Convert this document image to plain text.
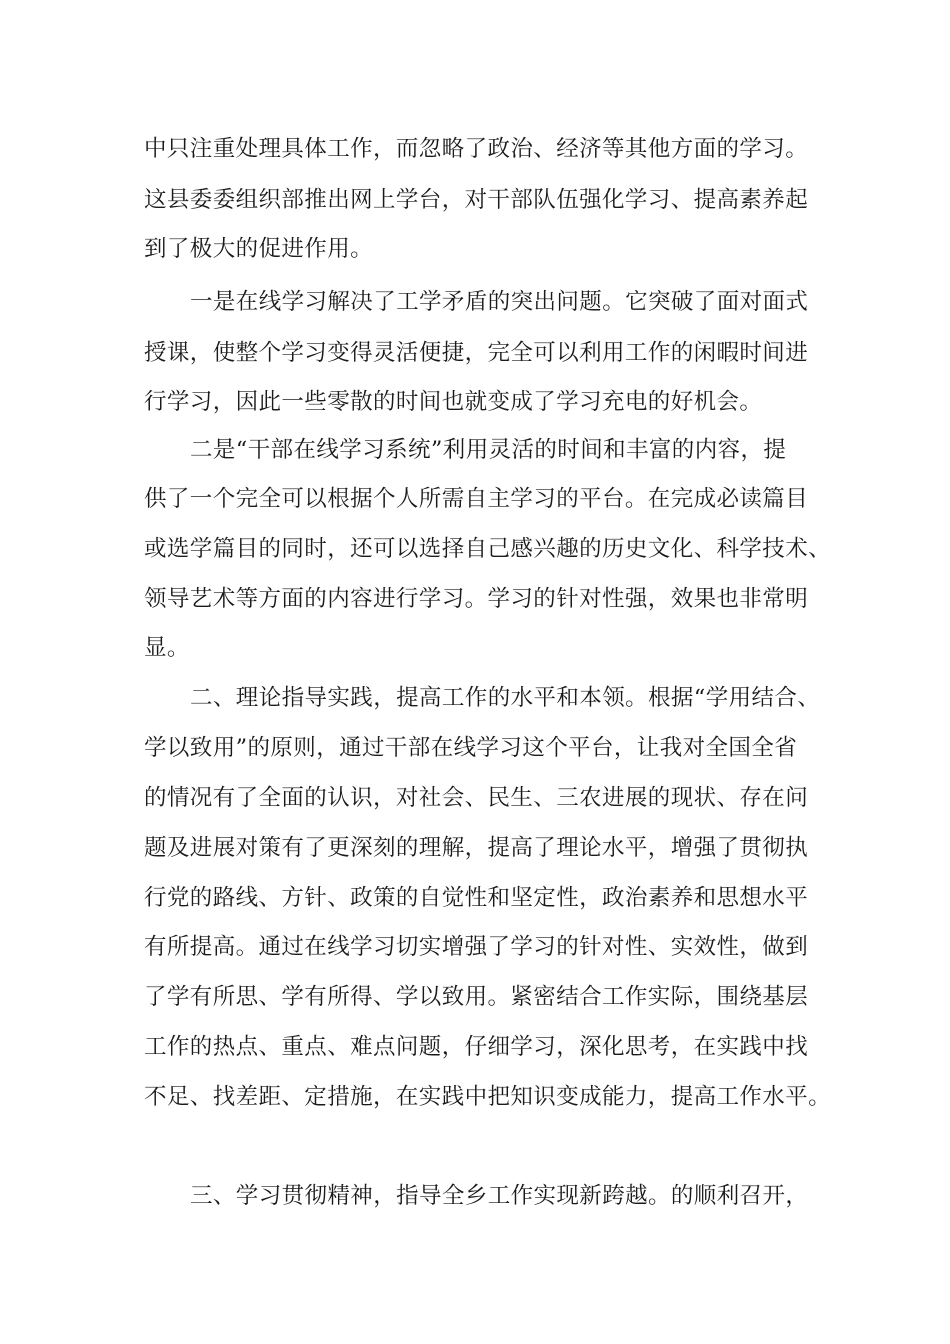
中只注重处理具体工作，而忽略了政治、经济等其他方面的学习。
这县委委组织部推出网上学台，对干部队伍强化学习、提高素养起
到了极大的促进作用。
一是在线学习解决了工学矛盾的突出问题。它突破了面对面式
授课，使整个学习变得灵活便捷，完全可以利用工作的闲暇时间进
行学习，因此一些零散的时间也就变成了学习充电的好机会。
二是“干部在线学习系统”利用灵活的时间和丰富的内容，提
供了一个完全可以根据个人所需自主学习的平台。在完成必读篇目
或选学篇目的同时，还可以选择自己感兴趣的历史文化、科学技术、
领导艺术等方面的内容进行学习。学习的针对性强，效果也非常明
显。
二、理论指导实践，提高工作的水平和本领。根据“学用结合、
学以致用”的原则，通过干部在线学习这个平台，让我对全国全省
的情况有了全面的认识，对社会、民生、三农进展的现状、存在问
题及进展对策有了更深刻的理解，提高了理论水平，增强了贯彻执
行党的路线、方针、政策的自觉性和坚定性，政治素养和思想水平
有所提高。通过在线学习切实增强了学习的针对性、实效性，做到
了学有所思、学有所得、学以致用。紧密结合工作实际，围绕基层
工作的热点、重点、难点问题，仔细学习，深化思考，在实践中找
不足、找差距、定措施，在实践中把知识变成能力，提高工作水平。
三、学习贯彻精神，指导全乡工作实现新跨越。的顺利召开，
